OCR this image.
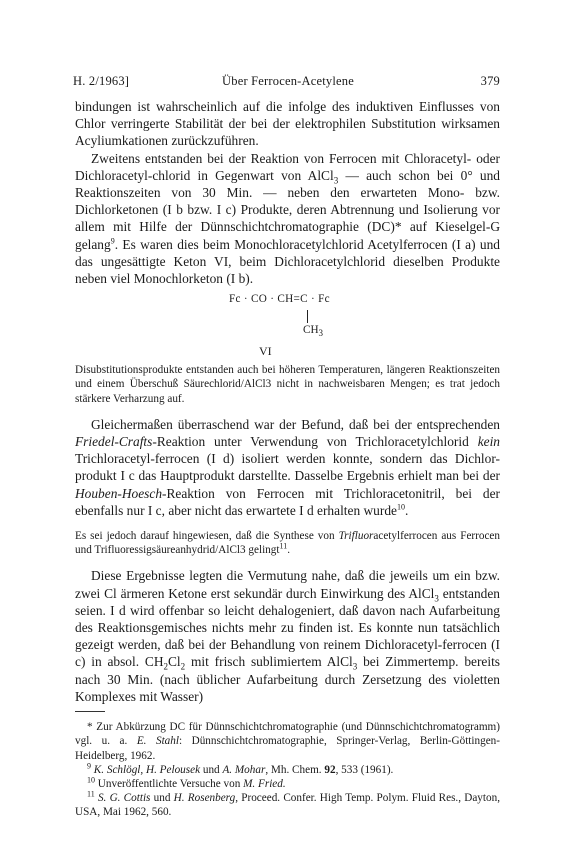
Über Ferrocen-Acetylene
H. 2/1963]	379

bindungen ist wahrscheinlich auf die infolge des induktiven Einflusses von Chlor verringerte Stabilität der bei der elektrophilen Substitution wirksamen Acyliumkationen zurückzuführen.

Zweitens entstanden bei der Reaktion von Ferrocen mit Chloracetyl- oder Dichloracetyl-chlorid in Gegenwart von AlCl$_3$ — auch schon bei 0° und Reaktionszeiten von 30 Min. — neben den erwarteten Mono- bzw. Dichlorketonen (I b bzw. I c) Produkte, deren Abtrennung und Isolierung vor allem mit Hilfe der Dünnschichtchromatographie (DC)* auf Kieselgel-G gelang$^9$. Es waren dies beim Monochloracetylchlorid Acetylferrocen (I a) und das ungesättigte Keton VI, beim Dichloracetylchlorid dieselben Produkte neben viel Monochlorketon (I b).

Fc · CO · CH=C · Fc
$CH_3$
VI

Disubstitutionsprodukte entstanden auch bei höheren Temperaturen, längeren Reaktionszeiten und einem Überschuß Säurechlorid/AlCl3 nicht in nachweisbaren Mengen; es trat jedoch stärkere Verharzung auf.

Gleichermaßen überraschend war der Befund, daß bei der entsprechenden Friedel-Crafts-Reaktion unter Verwendung von Trichloracetylchlorid kein Trichloracetyl-ferrocen (I d) isoliert werden konnte, sondern das Dichlor-produkt I c das Hauptprodukt darstellte. Dasselbe Ergebnis erhielt man bei der Houben-Hoesch-Reaktion von Ferrocen mit Trichloracetonitril, bei der ebenfalls nur I c, aber nicht das erwartete I d erhalten wurde$^{10}$.

Es sei jedoch darauf hingewiesen, daß die Synthese von Trifluoracetylferrocen aus Ferrocen und Trifluoressigsäureanhydrid/AlCl3 gelingt$^{11}$.

Diese Ergebnisse legten die Vermutung nahe, daß die jeweils um ein bzw. zwei Cl ärmeren Ketone erst sekundär durch Einwirkung des AlCl$_3$ entstanden seien. I d wird offenbar so leicht dehalogeniert, daß davon nach Aufarbeitung des Reaktionsgemisches nichts mehr zu finden ist. Es konnte nun tatsächlich gezeigt werden, daß bei der Behandlung von reinem Dichloracetyl-ferrocen (I c) in absol. $CH_2Cl_2$ mit frisch sublimiertem AlCl$_3$ bei Zimmertemp. bereits nach 30 Min. (nach üblicher Aufarbeitung durch Zersetzung des violetten Komplexes mit Wasser)

* Zur Abkürzung DC für Dünnschichtchromatographie (und Dünnschichtchromatogramm) vgl. u. a. E. Stahl: Dünnschichtchromatographie, Springer-Verlag, Berlin-Göttingen-Heidelberg, 1962.

$^9$ K. Schlögl, H. Pelousek und A. Mohar, Mh. Chem. 92, 533 (1961).

$^{10}$ Unveröffentlichte Versuche von M. Fried.

$^{11}$ S. G. Cottis und H. Rosenberg, Proceed. Confer. High Temp. Polym. Fluid Res., Dayton, USA, Mai 1962, 560.
